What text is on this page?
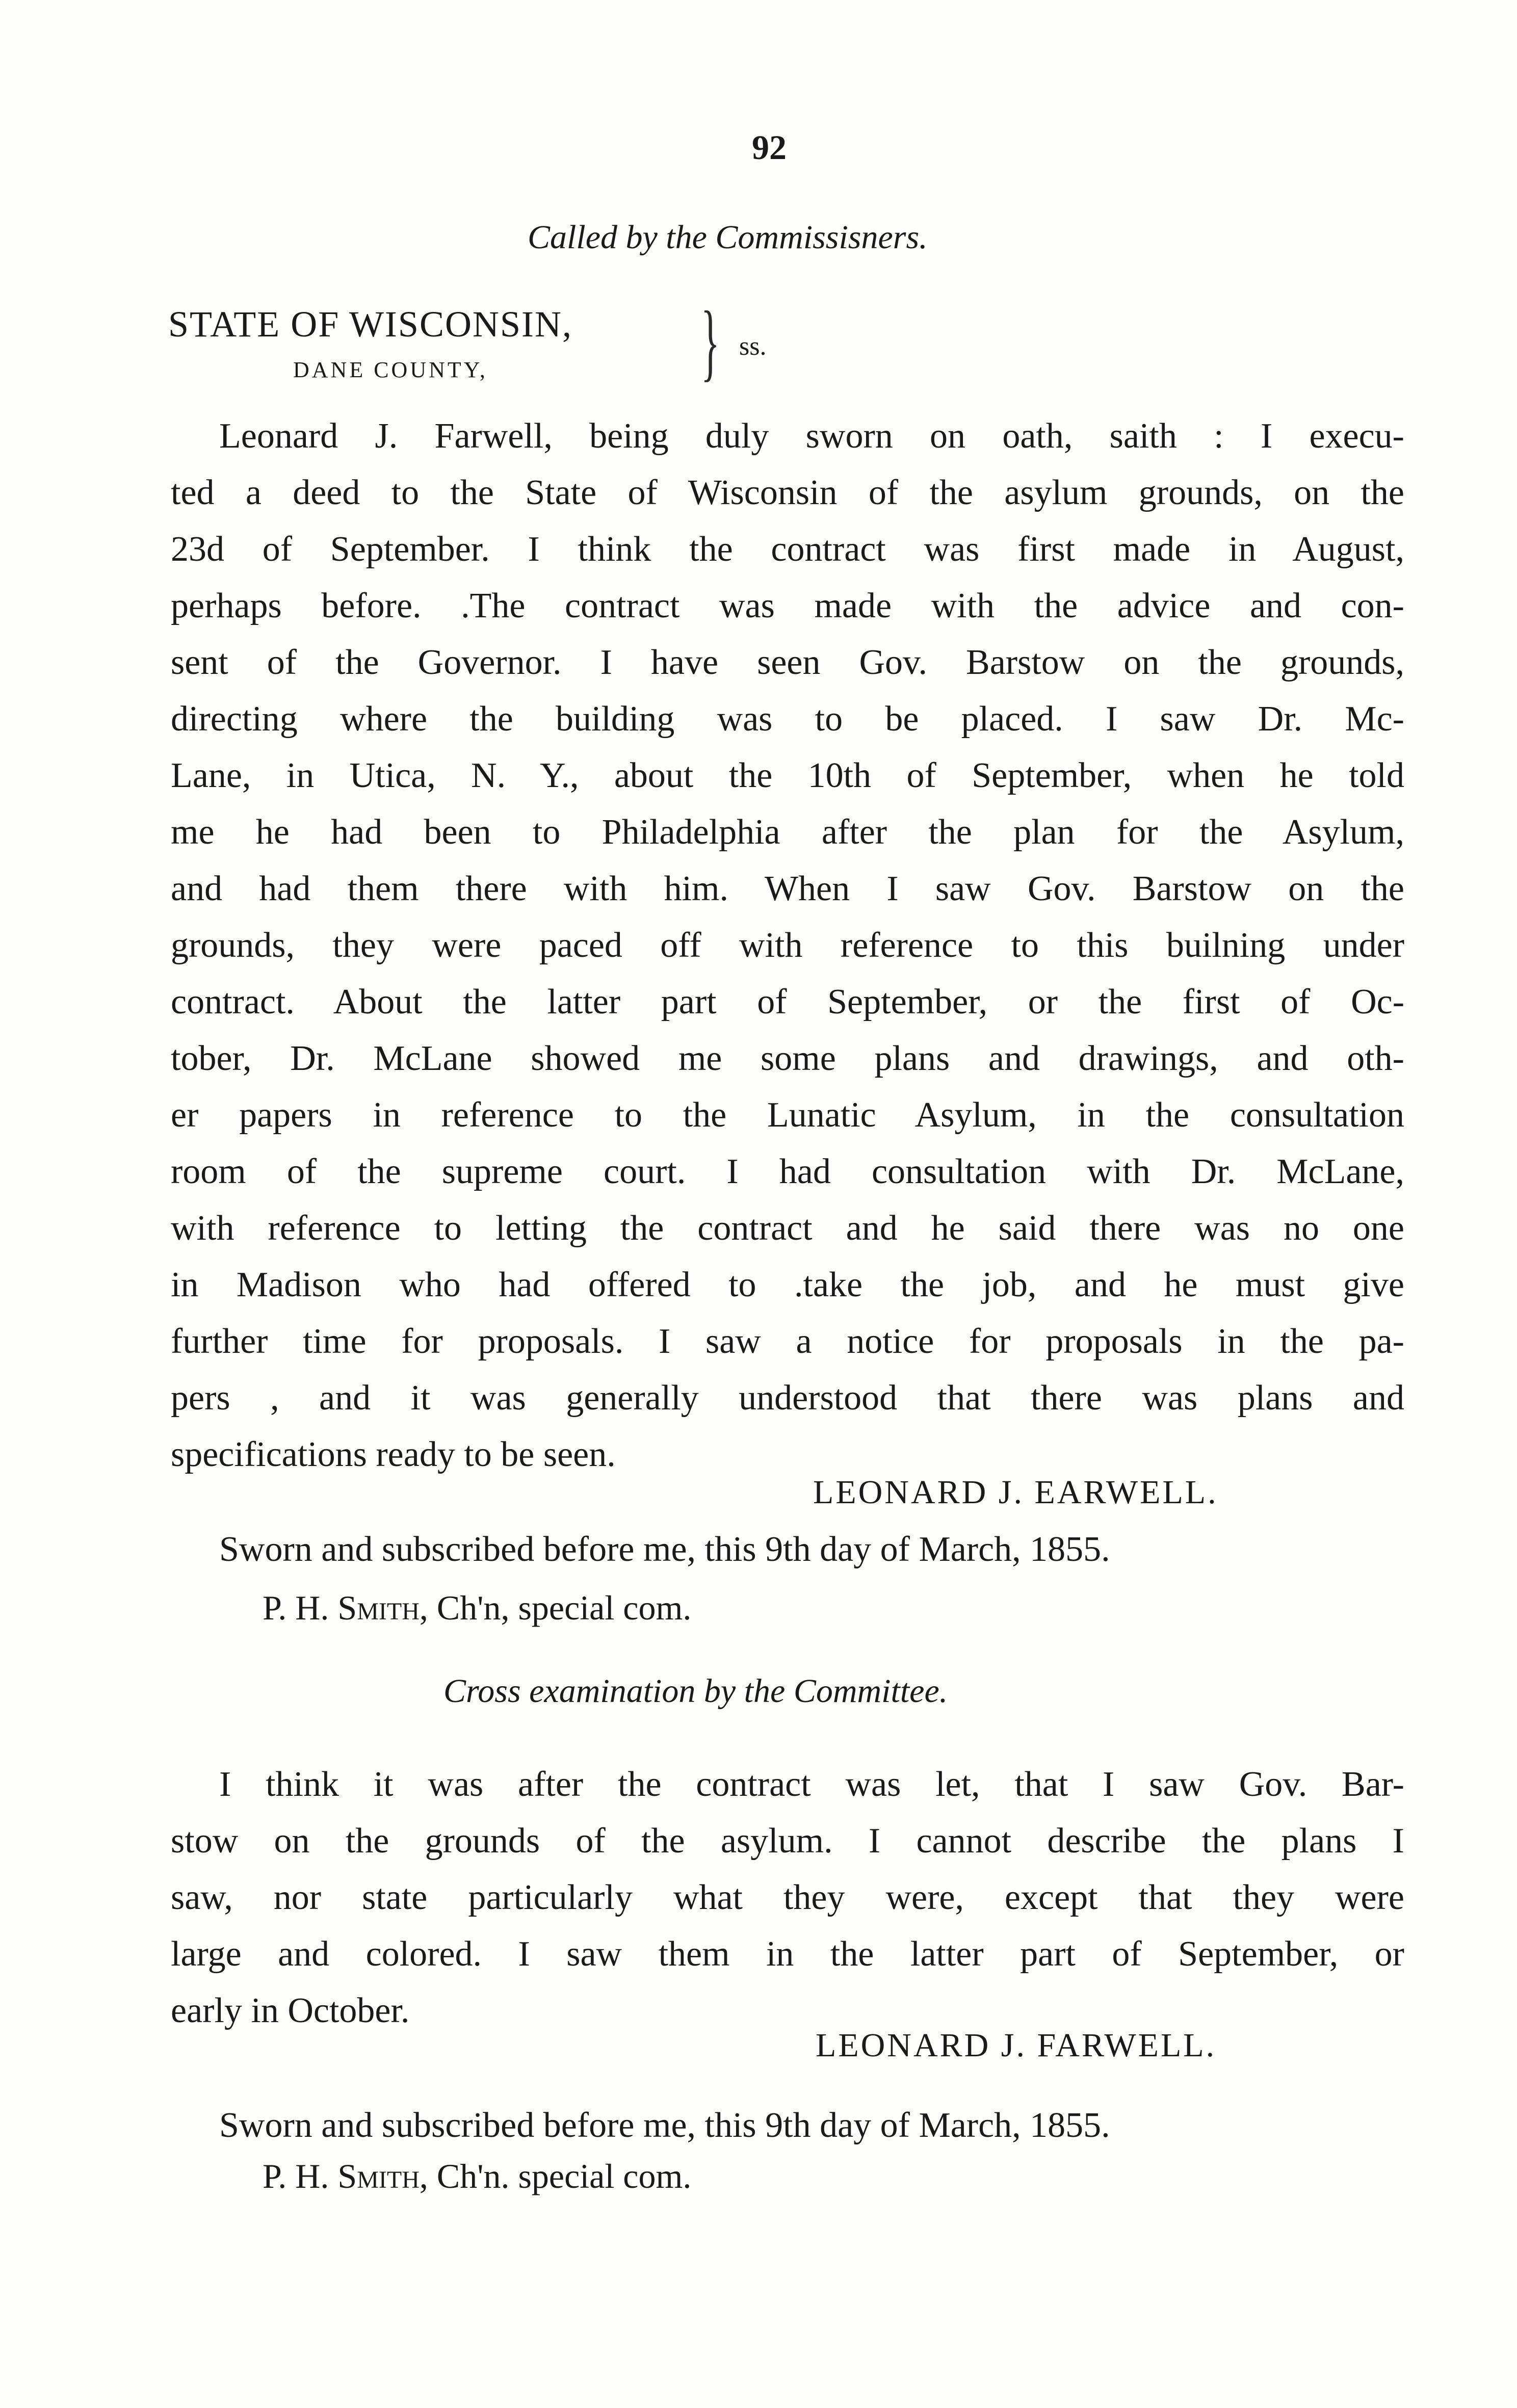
92
Called by the Commissisners.
STATE OF WISCONSIN,
DANE COUNTY, } ss.
Leonard J. Farwell, being duly sworn on oath, saith : I execu-
ted a deed to the State of Wisconsin of the asylum grounds, on the
23d of September. I think the contract was first made in August,
perhaps before. .The contract was made with the advice and con-
sent of the Governor. I have seen Gov. Barstow on the grounds,
directing where the building was to be placed. I saw Dr. Mc-
Lane, in Utica, N. Y., about the 10th of September, when he told
me he had been to Philadelphia after the plan for the Asylum,
and had them there with him. When I saw Gov. Barstow on the
grounds, they were paced off with reference to this builning under
contract. About the latter part of September, or the first of Oc-
tober, Dr. McLane showed me some plans and drawings, and oth-
er papers in reference to the Lunatic Asylum, in the consultation
room of the supreme court. I had consultation with Dr. McLane,
with reference to letting the contract and he said there was no one
in Madison who had offered to .take the job, and he must give
further time for proposals. I saw a notice for proposals in the pa-
pers , and it was generally understood that there was plans and
specifications ready to be seen.
LEONARD J. EARWELL.
Sworn and subscribed before me, this 9th day of March, 1855.
P. H. Smith, Ch'n, special com.
Cross examination by the Committee.
I think it was after the contract was let, that I saw Gov. Bar-
stow on the grounds of the asylum. I cannot describe the plans I
saw, nor state particularly what they were, except that they were
large and colored. I saw them in the latter part of September, or
early in October.
LEONARD J. FARWELL.
Sworn and subscribed before me, this 9th day of March, 1855.
P. H. Smith, Ch'n. special com.
